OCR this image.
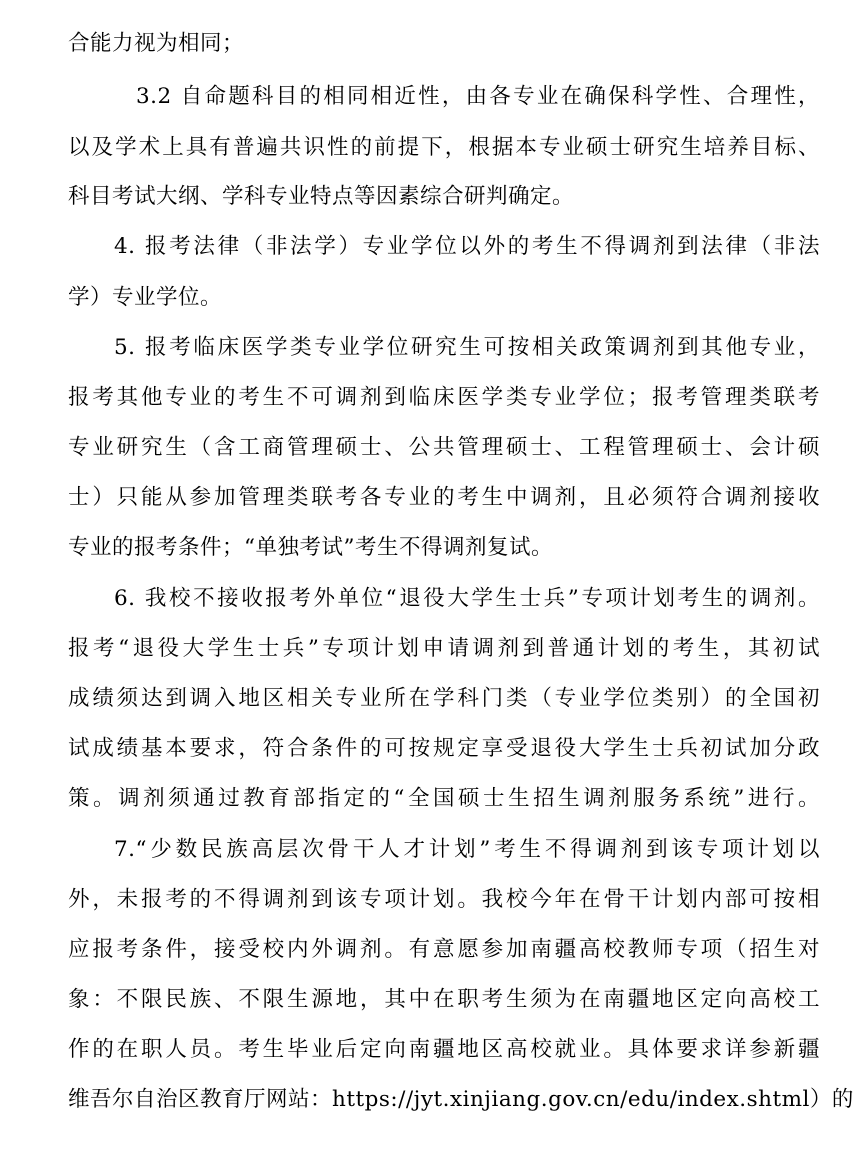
合能力视为相同；
3.2 自命题科目的相同相近性，由各专业在确保科学性、合理性，
以及学术上具有普遍共识性的前提下，根据本专业硕士研究生培养目标、
科目考试大纲、学科专业特点等因素综合研判确定。
4. 报考法律（非法学）专业学位以外的考生不得调剂到法律（非法
学）专业学位。
5. 报考临床医学类专业学位研究生可按相关政策调剂到其他专业，
报考其他专业的考生不可调剂到临床医学类专业学位；报考管理类联考
专业研究生（含工商管理硕士、公共管理硕士、工程管理硕士、会计硕
士）只能从参加管理类联考各专业的考生中调剂，且必须符合调剂接收
专业的报考条件；“单独考试”考生不得调剂复试。
6. 我校不接收报考外单位“退役大学生士兵”专项计划考生的调剂。
报考“退役大学生士兵”专项计划申请调剂到普通计划的考生，其初试
成绩须达到调入地区相关专业所在学科门类（专业学位类别）的全国初
试成绩基本要求，符合条件的可按规定享受退役大学生士兵初试加分政
策。调剂须通过教育部指定的“全国硕士生招生调剂服务系统”进行。
7.“少数民族高层次骨干人才计划”考生不得调剂到该专项计划以
外，未报考的不得调剂到该专项计划。我校今年在骨干计划内部可按相
应报考条件，接受校内外调剂。有意愿参加南疆高校教师专项（招生对
象：不限民族、不限生源地，其中在职考生须为在南疆地区定向高校工
作的在职人员。考生毕业后定向南疆地区高校就业。具体要求详参新疆
维吾尔自治区教育厅网站：https://jyt.xinjiang.gov.cn/edu/index.shtml）的
